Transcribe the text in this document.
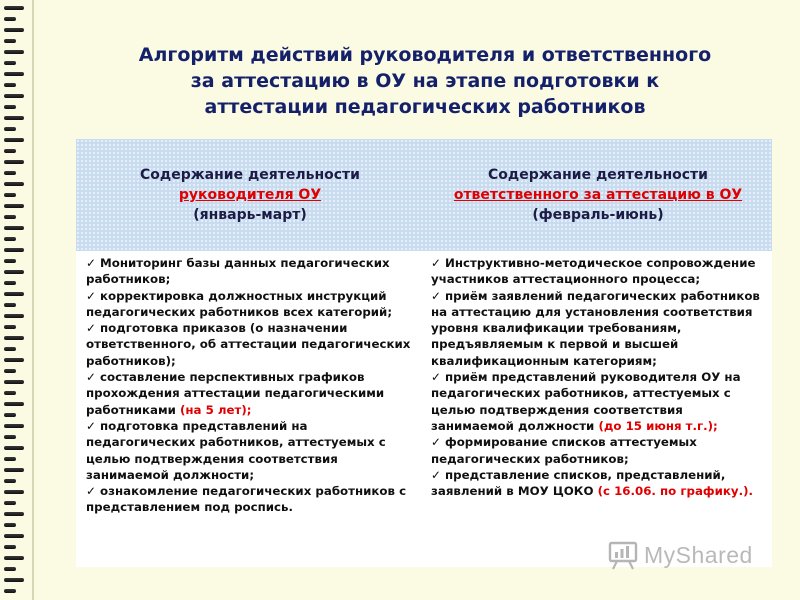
Алгоритм действий руководителя и ответственного
за аттестацию в ОУ на этапе подготовки к
аттестации педагогических работников
Содержание деятельности
руководителя ОУ
(январь-март)
Содержание деятельности
ответственного за аттестацию в ОУ
(февраль-июнь)
✓ Мониторинг базы данных педагогических работников;
✓ корректировка должностных инструкций педагогических работников всех категорий;
✓ подготовка приказов (о назначении ответственного, об аттестации педагогических работников);
✓ составление перспективных графиков прохождения аттестации педагогическими работниками (на 5 лет);
✓ подготовка представлений на педагогических работников, аттестуемых с целью подтверждения соответствия занимаемой должности;
✓ ознакомление педагогических работников с представлением под роспись.
✓ Инструктивно-методическое сопровождение участников аттестационного процесса;
✓ приём заявлений педагогических работников на аттестацию для установления соответствия уровня квалификации требованиям, предъявляемым к первой и высшей квалификационным категориям;
✓ приём представлений руководителя ОУ на педагогических работников, аттестуемых с целью подтверждения соответствия занимаемой должности (до 15 июня т.г.);
✓ формирование списков аттестуемых педагогических работников;
✓ представление списков, представлений, заявлений в МОУ ЦОКО (с 16.06. по графику.).
MyShared
